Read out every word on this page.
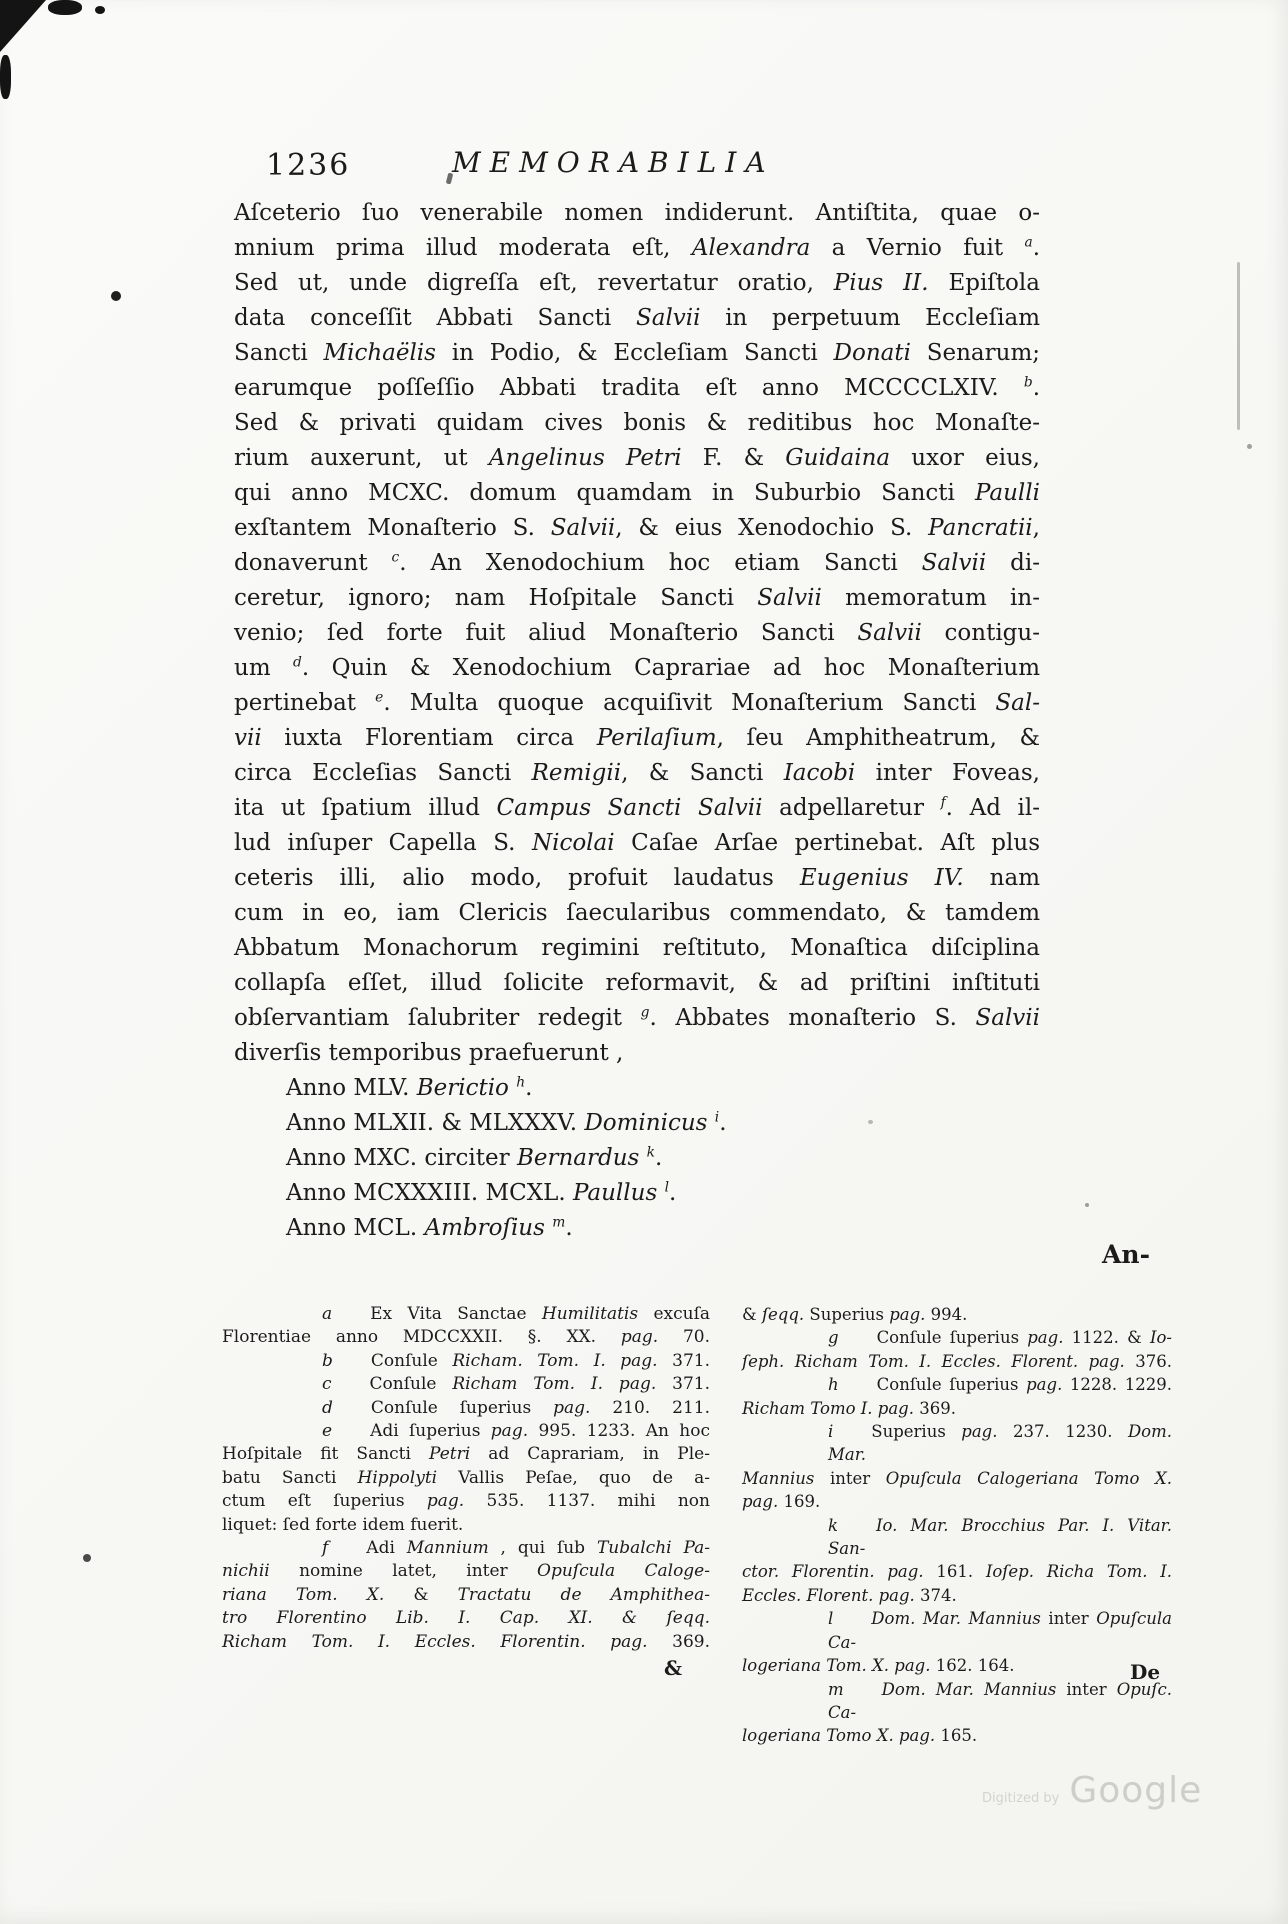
1236	MEMORABILIA
Aſceterio ſuo venerabile nomen indiderunt. Antiſtita, quae o-
mnium prima illud moderata eſt, Alexandra a Vernio fuit $^a$.
Sed ut, unde digreſſa eſt, revertatur oratio, Pius II. Epiſtola
data conceſſit Abbati Sancti Salvii in perpetuum Eccleſiam
Sancti Michaëlis in Podio, & Eccleſiam Sancti Donati Senarum;
earumque poſſeſſio Abbati tradita eſt anno MCCCCLXIV. $^b$.
Sed & privati quidam cives bonis & reditibus hoc Monaſte-
rium auxerunt, ut Angelinus Petri F. & Guidaina uxor eius,
qui anno MCXC. domum quamdam in Suburbio Sancti Paulli
exſtantem Monaſterio S. Salvii, & eius Xenodochio S. Pancratii,
donaverunt $^c$. An Xenodochium hoc etiam Sancti Salvii di-
ceretur, ignoro; nam Hoſpitale Sancti Salvii memoratum in-
venio; ſed forte fuit aliud Monaſterio Sancti Salvii contigu-
um $^d$. Quin & Xenodochium Caprariae ad hoc Monaſterium
pertinebat $^e$. Multa quoque acquiſivit Monaſterium Sancti Sal-
vii iuxta Florentiam circa Perilaſium, ſeu Amphitheatrum, &
circa Eccleſias Sancti Remigii, & Sancti Iacobi inter Foveas,
ita ut ſpatium illud Campus Sancti Salvii adpellaretur $^f$. Ad il-
lud inſuper Capella S. Nicolai Caſae Arſae pertinebat. Aſt plus
ceteris illi, alio modo, profuit laudatus Eugenius IV. nam
cum in eo, iam Clericis ſaecularibus commendato, & tamdem
Abbatum Monachorum regimini reſtituto, Monaſtica diſciplina
collapſa eſſet, illud ſolicite reformavit, & ad priſtini inſtituti
obſervantiam ſalubriter redegit $^g$. Abbates monaſterio S. Salvii
diverſis temporibus praefuerunt ,
Anno MLV. Berictio $^h$.
Anno MLXII. & MLXXXV. Dominicus $^i$.
Anno MXC. circiter Bernardus $^k$.
Anno MCXXXIII. MCXL. Paullus $^l$.
Anno MCL. Ambroſius $^m$.
An-
a Ex Vita Sanctae Humilitatis excuſa
Florentiae anno MDCCXXII. §. XX. pag. 70.
b Conſule Richam. Tom. I. pag. 371.
c Conſule Richam Tom. I. pag. 371.
d Conſule ſuperius pag. 210. 211.
e Adi ſuperius pag. 995. 1233. An hoc
Hoſpitale fit Sancti Petri ad Caprariam, in Ple-
batu Sancti Hippolyti Vallis Peſae, quo de a-
ctum eſt ſuperius pag. 535. 1137. mihi non
liquet: ſed forte idem fuerit.
f Adi Mannium , qui ſub Tubalchi Pa-
nichii nomine latet, inter Opuſcula Caloge-
riana Tom. X. & Tractatu de Amphithea-
tro Florentino Lib. I. Cap. XI. & ſeqq.
Richam Tom. I. Eccles. Florentin. pag. 369.
& ſeqq. Superius pag. 994.
g Conſule ſuperius pag. 1122. & Io-
ſeph. Richam Tom. I. Eccles. Florent. pag. 376.
h Conſule ſuperius pag. 1228. 1229.
Richam Tomo I. pag. 369.
i Superius pag. 237. 1230. Dom. Mar.
Mannius inter Opuſcula Calogeriana Tomo X.
pag. 169.
k Io. Mar. Brocchius Par. I. Vitar. San-
ctor. Florentin. pag. 161. Ioſep. Richa Tom. I.
Eccles. Florent. pag. 374.
l Dom. Mar. Mannius inter Opuſcula Ca-
logeriana Tom. X. pag. 162. 164.
m Dom. Mar. Mannius inter Opuſc. Ca-
logeriana Tomo X. pag. 165.
&	De
Digitized by Google
